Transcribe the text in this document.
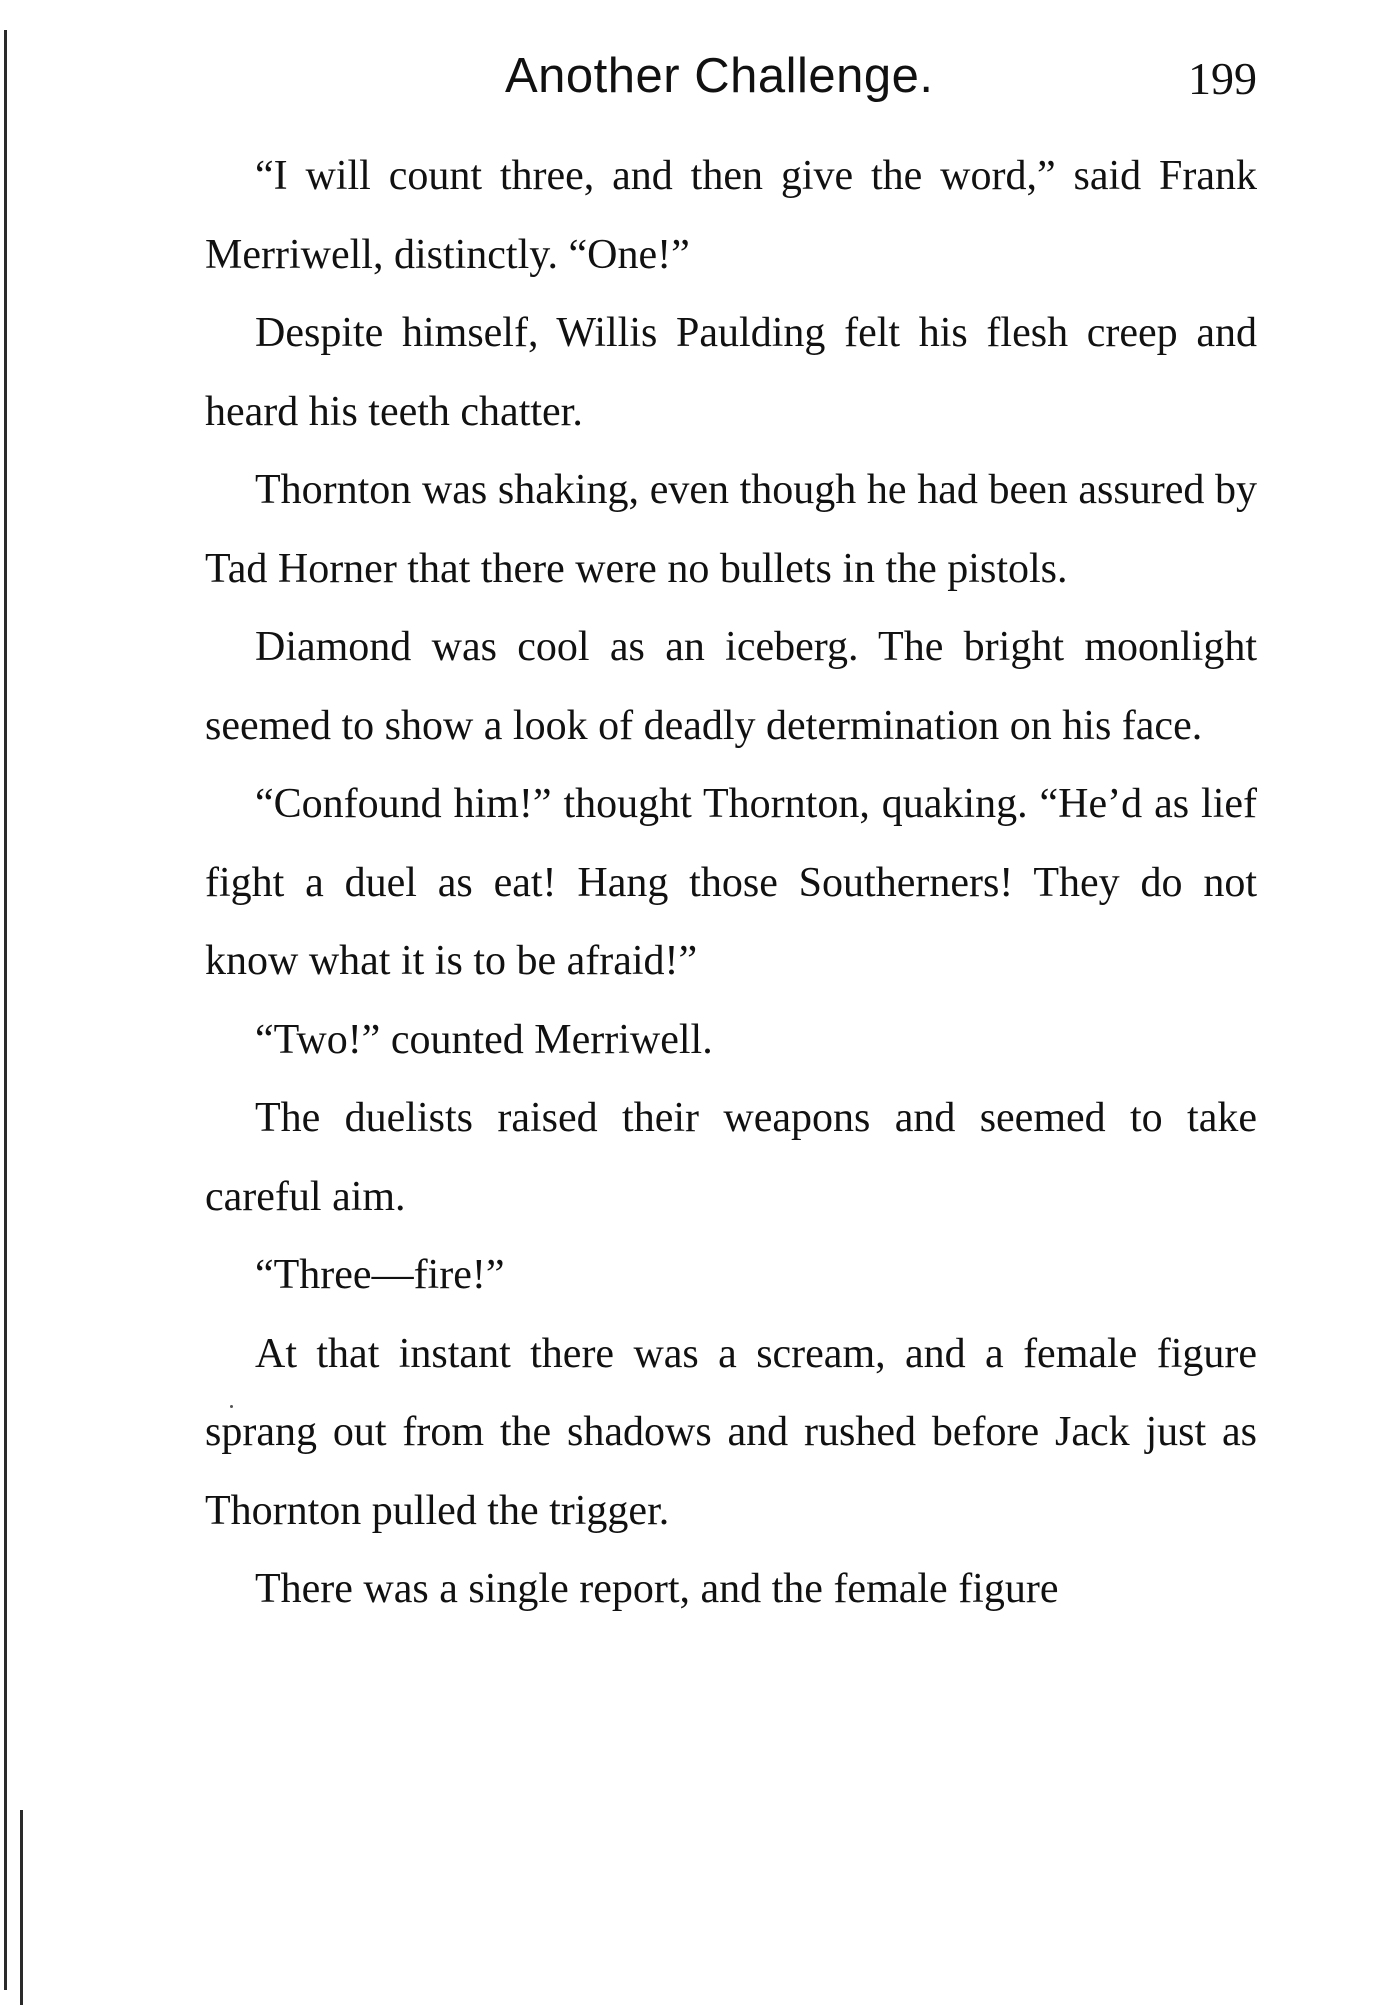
Another Challenge.	199

“I will count three, and then give the word,” said Frank Merriwell, distinctly. “One!”

Despite himself, Willis Paulding felt his flesh creep and heard his teeth chatter.

Thornton was shaking, even though he had been assured by Tad Horner that there were no bullets in the pistols.

Diamond was cool as an iceberg. The bright moonlight seemed to show a look of deadly determination on his face.

“Confound him!” thought Thornton, quaking. “He’d as lief fight a duel as eat! Hang those Southerners! They do not know what it is to be afraid!”

“Two!” counted Merriwell.

The duelists raised their weapons and seemed to take careful aim.

“Three—fire!”

At that instant there was a scream, and a female figure sprang out from the shadows and rushed before Jack just as Thornton pulled the trigger.

There was a single report, and the female figure
